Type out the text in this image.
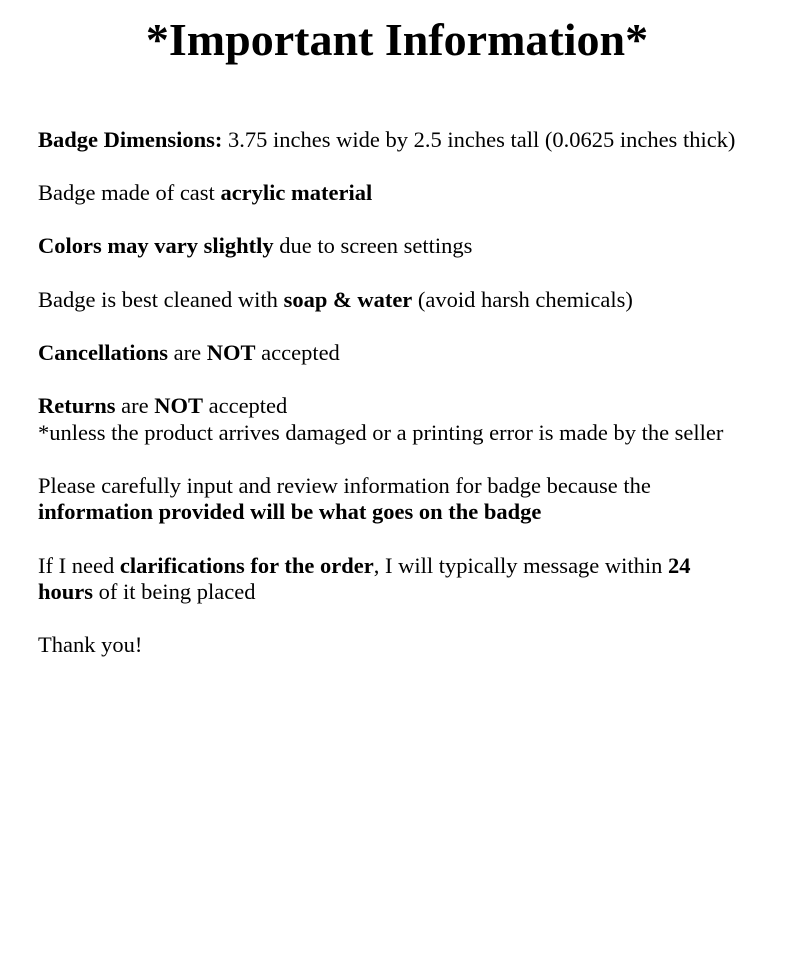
*Important Information*

Badge Dimensions: 3.75 inches wide by 2.5 inches tall (0.0625 inches thick)

Badge made of cast acrylic material

Colors may vary slightly due to screen settings

Badge is best cleaned with soap & water (avoid harsh chemicals)

Cancellations are NOT accepted

Returns are NOT accepted
*unless the product arrives damaged or a printing error is made by the seller

Please carefully input and review information for badge because the
information provided will be what goes on the badge

If I need clarifications for the order, I will typically message within 24
hours of it being placed

Thank you!
